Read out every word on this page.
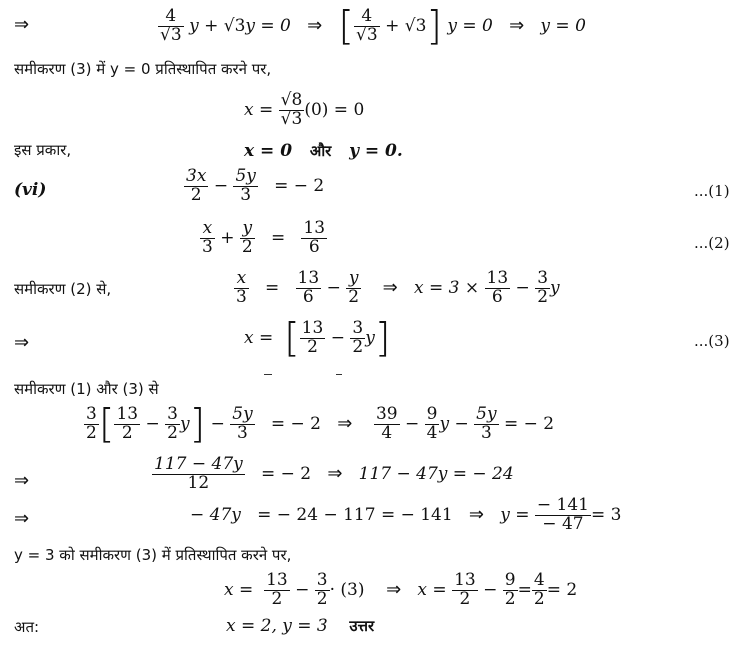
⇒	$\frac{4}{√3}$ y + √3y = 0 ⇒ [ $\frac{4}{√3} + √3$] y = 0 ⇒ y = 0
समीकरण (3) में y = 0 प्रतिस्थापित करने पर,
$x = \frac{√8}{√3} (0) = 0$
इस प्रकार,	x = 0 और y = 0.
(vi)	$\frac{3x}{2} - \frac{5y}{3}$ = − 2	...(1)
$\frac{x}{3} + \frac{y}{2} = \frac{13}{6}$	...(2)
समीकरण (2) से,	$\frac{x}{3} = \frac{13}{6} - \frac{y}{2}$ ⇒ $x = 3 \times \frac{13}{6} - \frac{3}{2}$ y
⇒	x = [ $\frac{13}{2} - \frac{3}{2} y$]	...(3)
समीकरण (1) और (3) से
$\frac{3}{2}$ [ $\frac{13}{2} - \frac{3}{2} y] - \frac{5y}{3}$ = − 2 ⇒ $\frac{39}{4} - \frac{9}{4}$ $y - \frac{5y}{3}$ = − 2
⇒	$\frac{117 - 47y}{12}$ = − 2 ⇒ 117 − 47y = − 24
⇒	− 47y = − 24 − 117 = − 141 ⇒ $y = \frac{- 141}{- 47} = 3$
y = 3 को समीकरण (3) में प्रतिस्थापित करने पर,
$x = \frac{13}{2} - \frac{3}{2} \cdot (3)$ ⇒ $x = \frac{13}{2} - \frac{9}{2} = \frac{4}{2} = 2$
अत:	x = 2, y = 3 उत्तर
